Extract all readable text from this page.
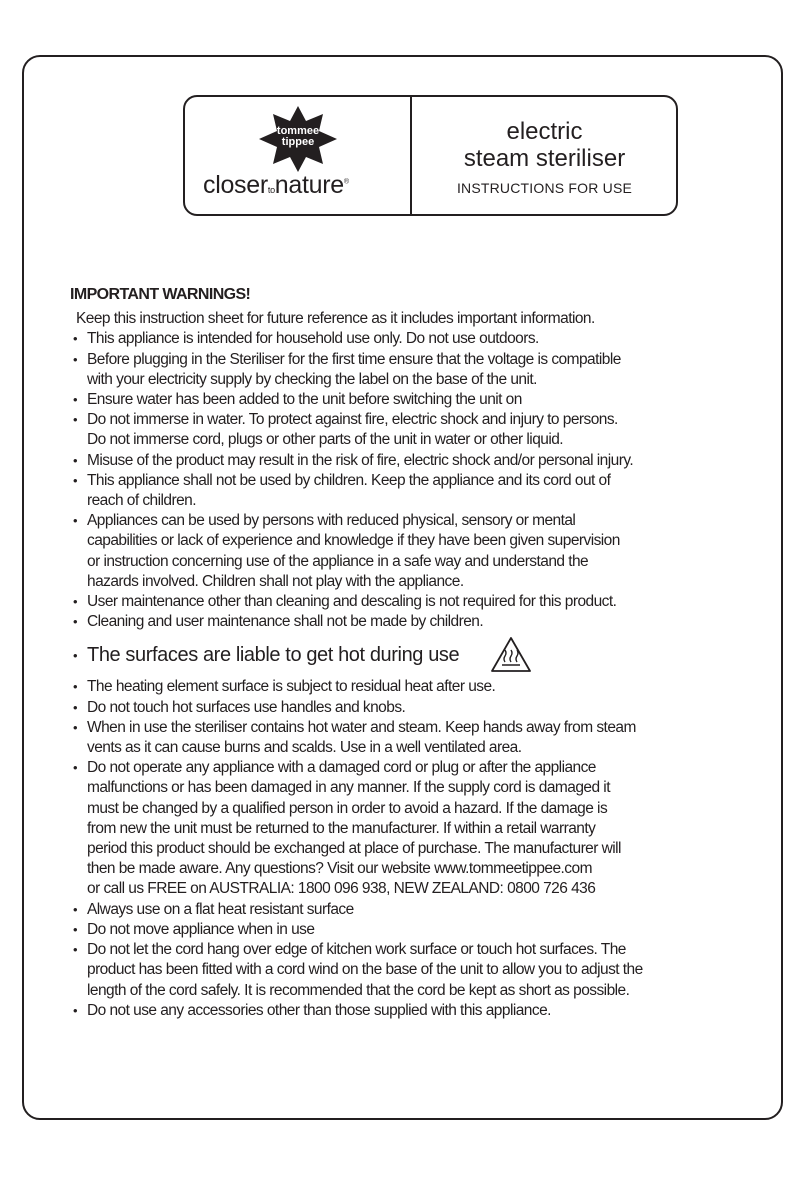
tommee
tippee
closertonature®
electric
steam steriliser
INSTRUCTIONS FOR USE
IMPORTANT WARNINGS!
Keep this instruction sheet for future reference as it includes important information.
• This appliance is intended for household use only. Do not use outdoors.
• Before plugging in the Steriliser for the first time ensure that the voltage is compatible
with your electricity supply by checking the label on the base of the unit.
• Ensure water has been added to the unit before switching the unit on
• Do not immerse in water. To protect against fire, electric shock and injury to persons.
Do not immerse cord, plugs or other parts of the unit in water or other liquid.
• Misuse of the product may result in the risk of fire, electric shock and/or personal injury.
• This appliance shall not be used by children. Keep the appliance and its cord out of
reach of children.
• Appliances can be used by persons with reduced physical, sensory or mental
capabilities or lack of experience and knowledge if they have been given supervision
or instruction concerning use of the appliance in a safe way and understand the
hazards involved. Children shall not play with the appliance.
• User maintenance other than cleaning and descaling is not required for this product.
• Cleaning and user maintenance shall not be made by children.
• The surfaces are liable to get hot during use
• The heating element surface is subject to residual heat after use.
• Do not touch hot surfaces use handles and knobs.
• When in use the steriliser contains hot water and steam. Keep hands away from steam
vents as it can cause burns and scalds. Use in a well ventilated area.
• Do not operate any appliance with a damaged cord or plug or after the appliance
malfunctions or has been damaged in any manner. If the supply cord is damaged it
must be changed by a qualified person in order to avoid a hazard. If the damage is
from new the unit must be returned to the manufacturer. If within a retail warranty
period this product should be exchanged at place of purchase. The manufacturer will
then be made aware. Any questions? Visit our website www.tommeetippee.com
or call us FREE on AUSTRALIA: 1800 096 938, NEW ZEALAND: 0800 726 436
• Always use on a flat heat resistant surface
• Do not move appliance when in use
• Do not let the cord hang over edge of kitchen work surface or touch hot surfaces. The
product has been fitted with a cord wind on the base of the unit to allow you to adjust the
length of the cord safely. It is recommended that the cord be kept as short as possible.
• Do not use any accessories other than those supplied with this appliance.
